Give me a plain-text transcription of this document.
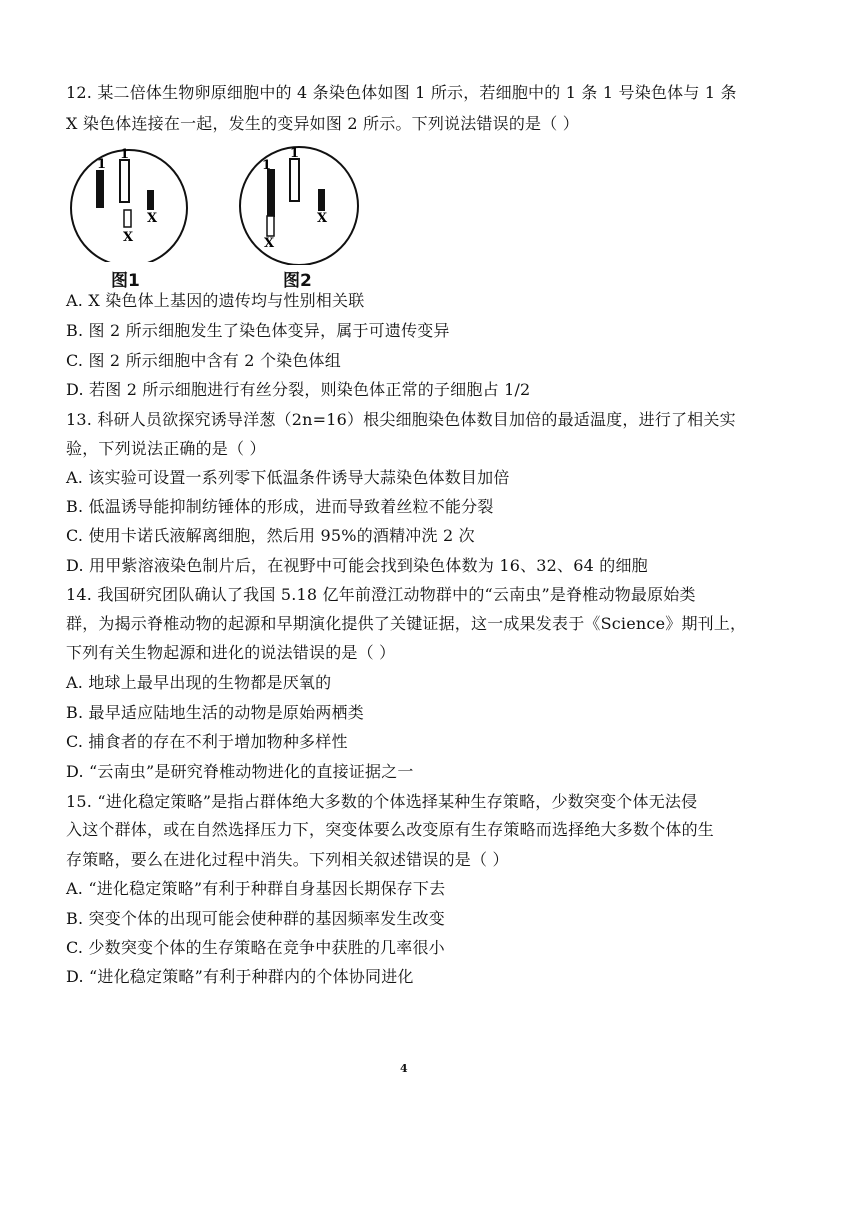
12. 某二倍体生物卵原细胞中的 4 条染色体如图 1 所示，若细胞中的 1 条 1 号染色体与 1 条
X 染色体连接在一起，发生的变异如图 2 所示。下列说法错误的是（ ）
1
1
X
X
图1
1
1
X
X
图2
A. X 染色体上基因的遗传均与性别相关联
B. 图 2 所示细胞发生了染色体变异，属于可遗传变异
C. 图 2 所示细胞中含有 2 个染色体组
D. 若图 2 所示细胞进行有丝分裂，则染色体正常的子细胞占 1/2
13. 科研人员欲探究诱导洋葱（2n=16）根尖细胞染色体数目加倍的最适温度，进行了相关实
验，下列说法正确的是（ ）
A. 该实验可设置一系列零下低温条件诱导大蒜染色体数目加倍
B. 低温诱导能抑制纺锤体的形成，进而导致着丝粒不能分裂
C. 使用卡诺氏液解离细胞，然后用 95%的酒精冲洗 2 次
D. 用甲紫溶液染色制片后，在视野中可能会找到染色体数为 16、32、64 的细胞
14. 我国研究团队确认了我国 5.18 亿年前澄江动物群中的“云南虫”是脊椎动物最原始类
群，为揭示脊椎动物的起源和早期演化提供了关键证据，这一成果发表于《Science》期刊上，
下列有关生物起源和进化的说法错误的是（ ）
A. 地球上最早出现的生物都是厌氧的
B. 最早适应陆地生活的动物是原始两栖类
C. 捕食者的存在不利于增加物种多样性
D. “云南虫”是研究脊椎动物进化的直接证据之一
15. “进化稳定策略”是指占群体绝大多数的个体选择某种生存策略，少数突变个体无法侵
入这个群体，或在自然选择压力下，突变体要么改变原有生存策略而选择绝大多数个体的生
存策略，要么在进化过程中消失。下列相关叙述错误的是（ ）
A. “进化稳定策略”有利于种群自身基因长期保存下去
B. 突变个体的出现可能会使种群的基因频率发生改变
C. 少数突变个体的生存策略在竞争中获胜的几率很小
D. “进化稳定策略”有利于种群内的个体协同进化
4
